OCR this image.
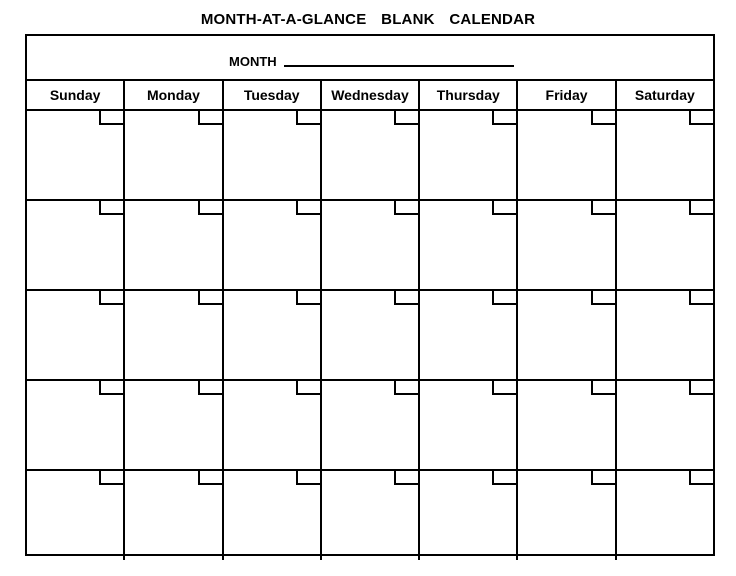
MONTH-AT-A-GLANCE  BLANK  CALENDAR
MONTH
Sunday	Monday	Tuesday	Wednesday	Thursday	Friday	Saturday
